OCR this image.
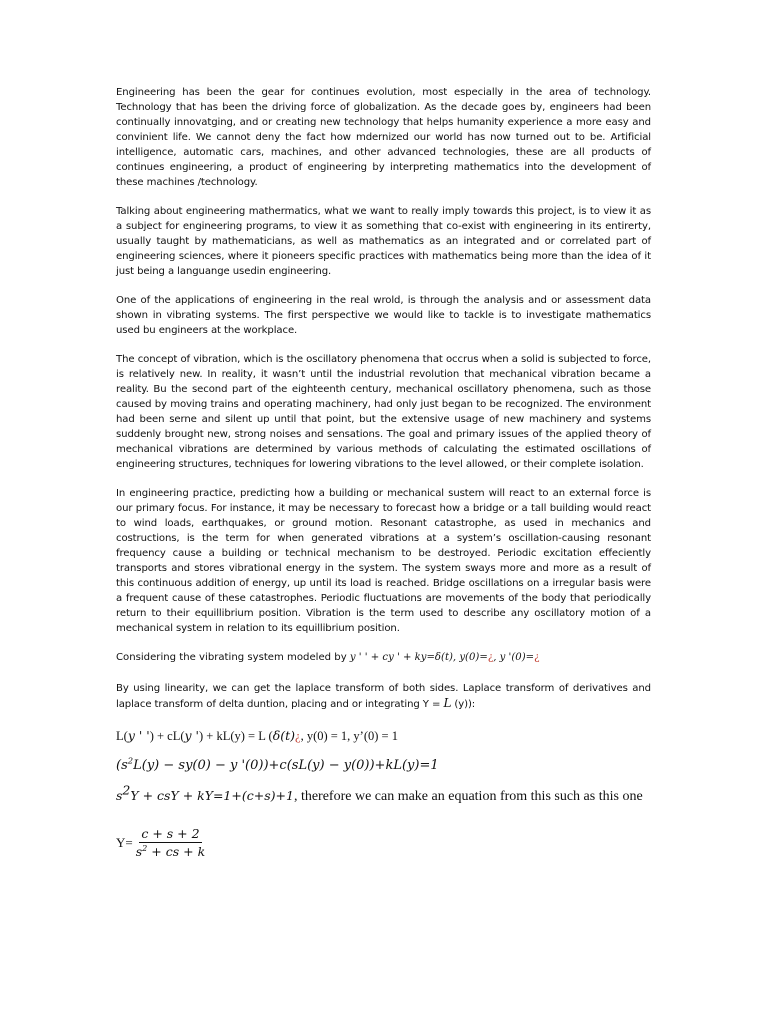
Engineering has been the gear for continues evolution, most especially in the area of technology. Technology that has been the driving force of globalization. As the decade goes by, engineers had been continually innovatging, and or creating new technology that helps humanity experience a more easy and convinient life. We cannot deny the fact how mdernized our world has now turned out to be. Artificial intelligence, automatic cars, machines, and other advanced technologies, these are all products of continues engineering, a product of engineering by interpreting mathematics into the development of these machines /technology.

Talking about engineering mathermatics, what we want to really imply towards this project, is to view it as a subject for engineering programs, to view it as something that co-exist with engineering in its entirerty, usually taught by mathematicians, as well as mathematics as an integrated and or correlated part of engineering sciences, where it pioneers specific practices with mathematics being more than the idea of it just being a languange usedin engineering.

One of the applications of engineering in the real wrold, is through the analysis and or assessment data shown in vibrating systems. The first perspective we would like to tackle is to investigate mathematics used bu engineers at the workplace.

The concept of vibration, which is the oscillatory phenomena that occrus when a solid is subjected to force, is relatively new. In reality, it wasn’t until the industrial revolution that mechanical vibration became a reality. Bu the second part of the eighteenth century, mechanical oscillatory phenomena, such as those caused by moving trains and operating machinery, had only just began to be recognized. The environment had been serne and silent up until that point, but the extensive usage of new machinery and systems suddenly brought new, strong noises and sensations. The goal and primary issues of the applied theory of mechanical vibrations are determined by various methods of calculating the estimated oscillations of engineering structures, techniques for lowering vibrations to the level allowed, or their complete isolation.

In engineering practice, predicting how a building or mechanical sustem will react to an external force is our primary focus. For instance, it may be necessary to forecast how a bridge or a tall building would react to wind loads, earthquakes, or ground motion. Resonant catastrophe, as used in mechanics and costructions, is the term for when generated vibrations at a system’s oscillation-causing resonant frequency cause a building or technical mechanism to be destroyed. Periodic excitation effeciently transports and stores vibrational energy in the system. The system sways more and more as a result of this continuous addition of energy, up until its load is reached. Bridge oscillations on a irregular basis were a frequent cause of these catastrophes. Periodic fluctuations are movements of the body that periodically return to their equillibrium position. Vibration is the term used to describe any oscillatory motion of a mechanical system in relation to its equillibrium position.

Considering the vibrating system modeled by y ' ' + cy ' + ky=δ(t), y(0)=¿, y '(0)=¿

By using linearity, we can get the laplace transform of both sides. Laplace transform of derivatives and laplace transform of delta duntion, placing and or integrating Y = L (y)):

L(y ' ') + cL(y ') + kL(y) = L (δ(t)¿, y(0) = 1, y’(0) = 1
($s^2L(y) - sy(0) - y$ '(0))+c(sL(y) − y(0))+kL(y)=1
$s^2Y$ + csY + kY=1+(c+s)+1, therefore we can make an equation from this such as this one
$Y= \frac{c + s + 2}{s^2 + cs + k}$
